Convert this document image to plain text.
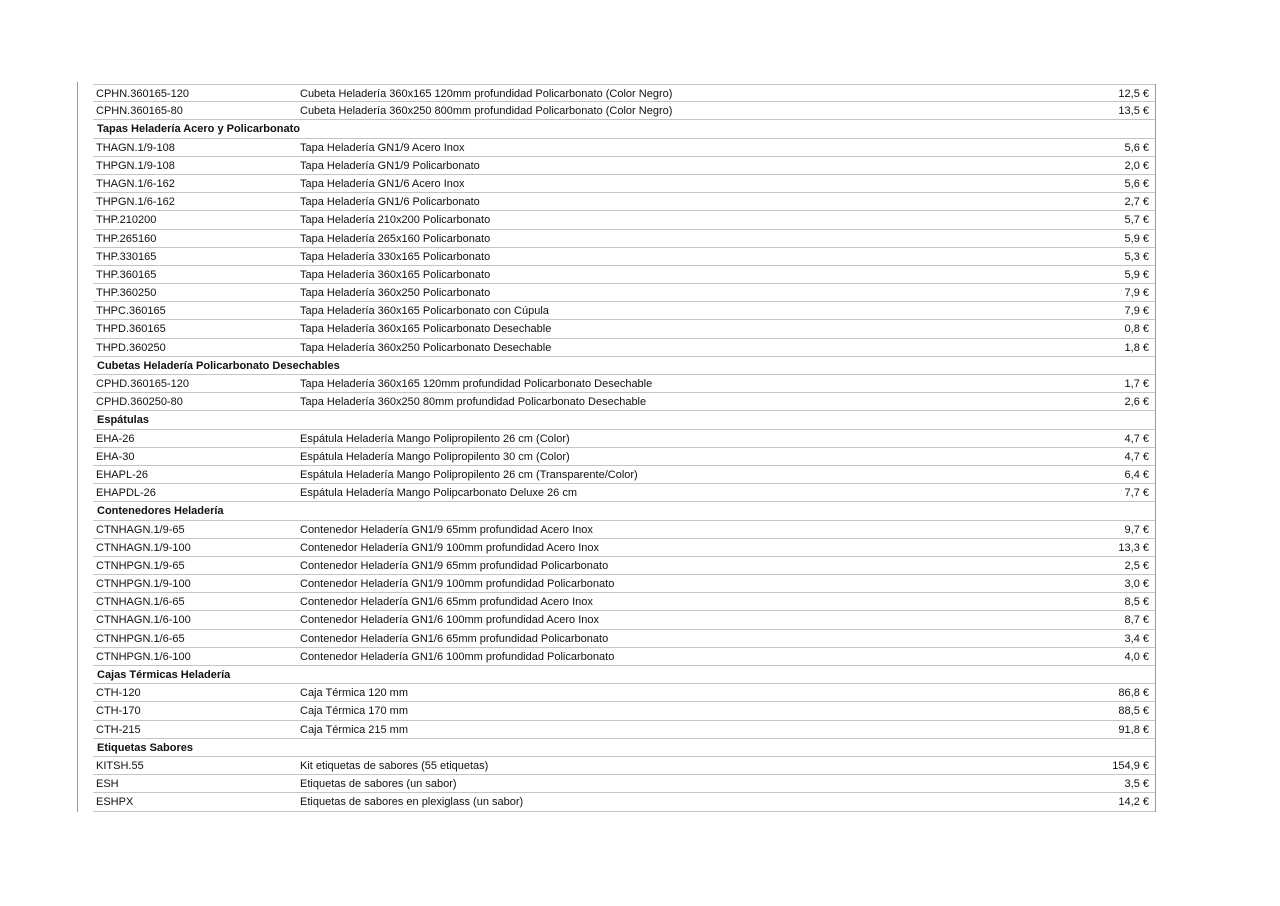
CPHN.360165-120	Cubeta Heladería 360x165 120mm profundidad Policarbonato (Color Negro)	12,5 €
CPHN.360165-80	Cubeta Heladería 360x250 800mm profundidad Policarbonato (Color Negro)	13,5 €
Tapas Heladería Acero y Policarbonato
THAGN.1/9-108	Tapa Heladería GN1/9 Acero Inox	5,6 €
THPGN.1/9-108	Tapa Heladería GN1/9 Policarbonato	2,0 €
THAGN.1/6-162	Tapa Heladería GN1/6 Acero Inox	5,6 €
THPGN.1/6-162	Tapa Heladería GN1/6 Policarbonato	2,7 €
THP.210200	Tapa Heladería 210x200 Policarbonato	5,7 €
THP.265160	Tapa Heladería 265x160 Policarbonato	5,9 €
THP.330165	Tapa Heladería 330x165 Policarbonato	5,3 €
THP.360165	Tapa Heladería 360x165 Policarbonato	5,9 €
THP.360250	Tapa Heladería 360x250 Policarbonato	7,9 €
THPC.360165	Tapa Heladería 360x165 Policarbonato con Cúpula	7,9 €
THPD.360165	Tapa Heladería 360x165 Policarbonato Desechable	0,8 €
THPD.360250	Tapa Heladería 360x250 Policarbonato Desechable	1,8 €
Cubetas Heladería Policarbonato Desechables
CPHD.360165-120	Tapa Heladería 360x165 120mm profundidad Policarbonato Desechable	1,7 €
CPHD.360250-80	Tapa Heladería 360x250 80mm profundidad Policarbonato Desechable	2,6 €
Espátulas
EHA-26	Espátula Heladería Mango Polipropilento 26 cm (Color)	4,7 €
EHA-30	Espátula Heladería Mango Polipropilento 30 cm (Color)	4,7 €
EHAPL-26	Espátula Heladería Mango Polipropilento 26 cm (Transparente/Color)	6,4 €
EHAPDL-26	Espátula Heladería Mango Polipcarbonato Deluxe 26 cm	7,7 €
Contenedores Heladería
CTNHAGN.1/9-65	Contenedor Heladería GN1/9 65mm profundidad Acero Inox	9,7 €
CTNHAGN.1/9-100	Contenedor Heladería GN1/9 100mm profundidad Acero Inox	13,3 €
CTNHPGN.1/9-65	Contenedor Heladería GN1/9 65mm profundidad Policarbonato	2,5 €
CTNHPGN.1/9-100	Contenedor Heladería GN1/9 100mm profundidad Policarbonato	3,0 €
CTNHAGN.1/6-65	Contenedor Heladería GN1/6 65mm profundidad Acero Inox	8,5 €
CTNHAGN.1/6-100	Contenedor Heladería GN1/6 100mm profundidad Acero Inox	8,7 €
CTNHPGN.1/6-65	Contenedor Heladería GN1/6 65mm profundidad Policarbonato	3,4 €
CTNHPGN.1/6-100	Contenedor Heladería GN1/6 100mm profundidad Policarbonato	4,0 €
Cajas Térmicas Heladería
CTH-120	Caja Térmica 120 mm	86,8 €
CTH-170	Caja Térmica 170 mm	88,5 €
CTH-215	Caja Térmica 215 mm	91,8 €
Etiquetas Sabores
KITSH.55	Kit etiquetas de sabores (55 etiquetas)	154,9 €
ESH	Etiquetas de sabores (un sabor)	3,5 €
ESHPX	Etiquetas de sabores en plexiglass (un sabor)	14,2 €
